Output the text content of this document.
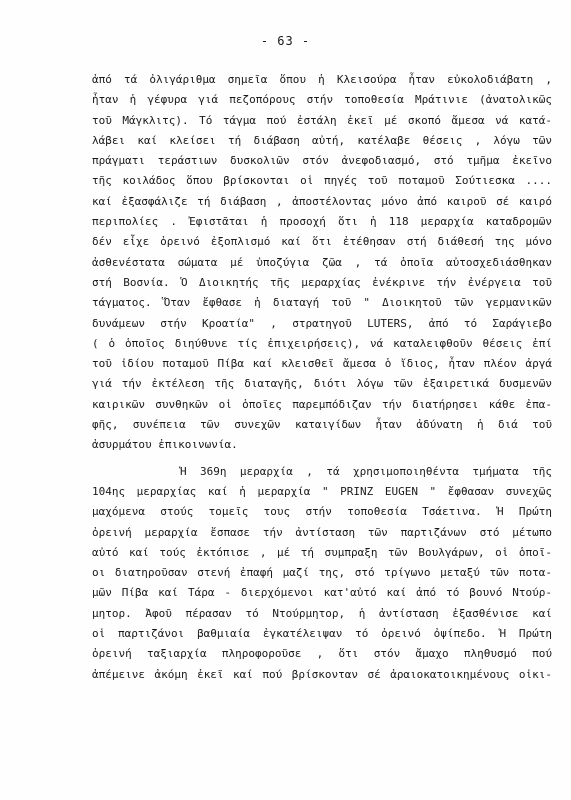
- 63 -
ἀπό τά ὀλιγάριθμα σημεῖα ὅπου ἡ Κλεισούρα ἦταν εὐκολοδιάβατη ,
ἦταν ἡ γέφυρα γιά πεζοπόρους στήν τοποθεσία Μράτινιε (ἀνατολικῶς
τοῦ Μάγκλιτς). Τό τάγμα πού ἐστάλη ἐκεῖ μέ σκοπό ἄμεσα νά κατά-
λάβει καί κλείσει τή διάβαση αὐτή, κατέλαβε θέσεις , λόγω τῶν
πράγματι τεράστιων δυσκολιῶν στόν ἀνεφοδιασμό, στό τμῆμα ἐκεῖνο
τῆς κοιλάδος ὅπου βρίσκονται οἱ πηγές τοῦ ποταμοῦ Σούτιεσκα ....
καί ἐξασφάλιζε τή διάβαση , ἀποστέλοντας μόνο ἀπό καιροῦ σέ καιρό
περιπολίες . Ἐφιστᾶται ἡ προσοχή ὅτι ἡ 118 μεραρχία καταδρομῶν
δέν εἶχε ὀρεινό ἐξοπλισμό καί ὅτι ἐτέθησαν στή διάθεσή της μόνο
ἀσθενέστατα σώματα μέ ὑποζύγια ζῶα , τά ὁποῖα αὐτοσχεδιάσθηκαν
στή Βοσνία. Ὁ Διοικητής τῆς μεραρχίας ἐνέκρινε τήν ἐνέργεια τοῦ
τάγματος. Ὅταν ἔφθασε ἡ διαταγή τοῦ " Διοικητοῦ τῶν γερμανικῶν
δυνάμεων στήν Κροατία" , στρατηγοῦ LUTERS, ἀπό τό Σαράγιεβο
( ὁ ὁποῖος διηύθυνε τίς ἐπιχειρήσεις), νά καταλειφθοῦν θέσεις ἐπί
τοῦ ἰδίου ποταμοῦ Πίβα καί κλεισθεῖ ἄμεσα ὁ ἴδιος, ἦταν πλέον ἀργά
γιά τήν ἐκτέλεση τῆς διαταγῆς, διότι λόγω τῶν ἐξαιρετικά δυσμενῶν
καιρικῶν συνθηκῶν οἱ ὁποῖες παρεμπόδιζαν τήν διατήρησει κάθε ἐπα-
φῆς, συνέπεια τῶν συνεχῶν καταιγίδων ἦταν ἀδύνατη ἡ διά τοῦ
ἀσυρμάτου ἐπικοινωνία.
Ἡ 369η μεραρχία , τά χρησιμοποιηθέντα τμήματα τῆς
104ης μεραρχίας καί ἡ μεραρχία " PRINZ EUGEN " ἔφθασαν συνεχῶς
μαχόμενα στούς τομεῖς τους στήν τοποθεσία Τσάετινα. Ἡ Πρώτη
ὀρεινή μεραρχία ἔσπασε τήν ἀντίσταση τῶν παρτιζάνων στό μέτωπο
αὐτό καί τούς ἐκτόπισε , μέ τή συμπραξη τῶν Βουλγάρων, οἱ ὁποῖ-
οι διατηροῦσαν στενή ἐπαφή μαζί της, στό τρίγωνο μεταξύ τῶν ποτα-
μῶν Πίβα καί Τάρα - διερχόμενοι κατ'αὐτό καί ἀπό τό βουνό Ντούρ-
μητορ. Ἀφοῦ πέρασαν τό Ντούρμητορ, ἡ ἀντίσταση ἐξασθένισε καί
οἱ παρτιζάνοι βαθμιαία ἐγκατέλειψαν τό ὀρεινό ὀψίπεδο. Ἡ Πρώτη
ὀρεινή ταξιαρχία πληροφοροῦσε , ὅτι στόν ἄμαχο πληθυσμό πού
ἀπέμεινε ἀκόμη ἐκεῖ καί πού βρίσκονταν σέ ἀραιοκατοικημένους οἰκι-
